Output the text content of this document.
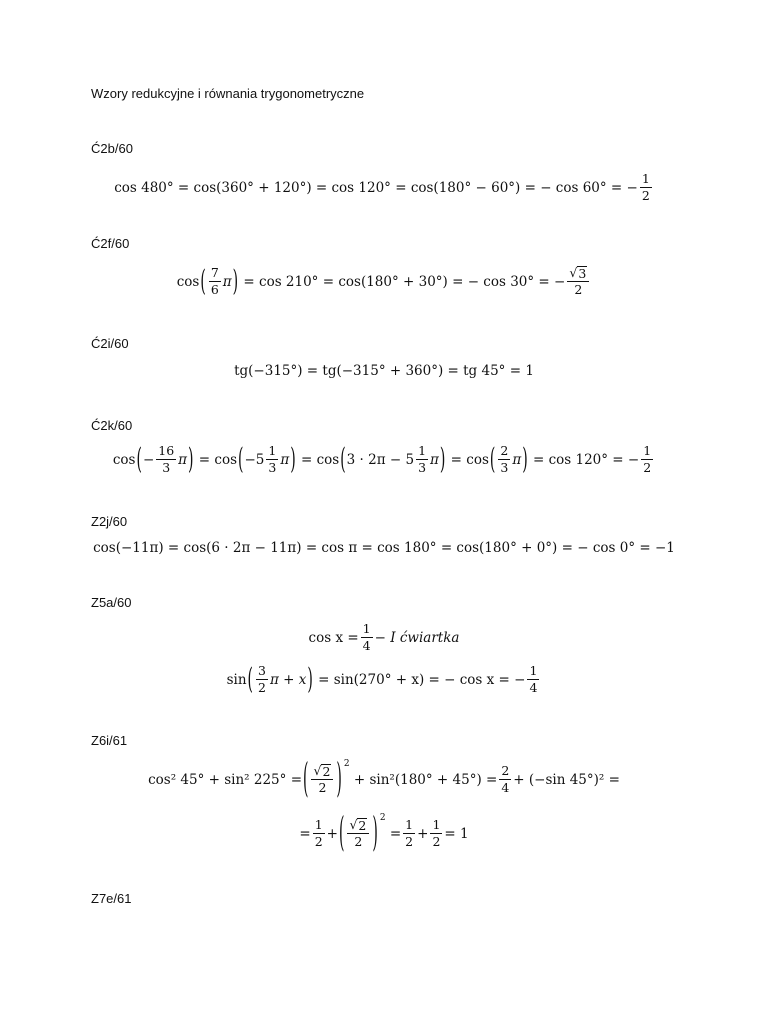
Wzory redukcyjne i równania trygonometryczne
Ć2b/60
cos 480° = cos(360° + 120°) = cos 120° = cos(180° − 60°) = − cos 60° = − $\frac{1}{2}$
Ć2f/60
cos ( $\frac{7}{6}$ π ) = cos 210° = cos(180° + 30°) = − cos 30° = − $\frac{√ 3}{2}$
Ć2i/60
tg(−315°) = tg(−315° + 360°) = tg 45° = 1
Ć2k/60
cos ( − $\frac{16}{3}$ π ) = cos ( $-5 \frac{1}{3}$ π ) = cos ( $3 \cdot 2\pi - 5 \frac{1}{3}$ π ) = cos ( $\frac{2}{3}$ π ) = cos 120° = − $\frac{1}{2}$
Z2j/60
cos(−11π) = cos(6 · 2π − 11π) = cos π = cos 180° = cos(180° + 0°) = − cos 0° = −1
Z5a/60
$\cos x = \frac{1}{4} - I$ ćwiartka
sin ( $\frac{3}{2}$ π + x ) = sin(270° + x) = − cos x = − $\frac{1}{4}$
Z6i/61
cos² 45° + sin² 225° = ( $\frac{√ 2}{2}$ ) 2
+ $\sin^2(180^\circ + 45^\circ) = \frac{2}{4} + (-\sin$ 45°)² =
= $\frac{1}{2}$ + ( $\frac{√ 2}{2}$ ) 2
= $\frac{1}{2} + \frac{1}{2} = 1$
Z7e/61
